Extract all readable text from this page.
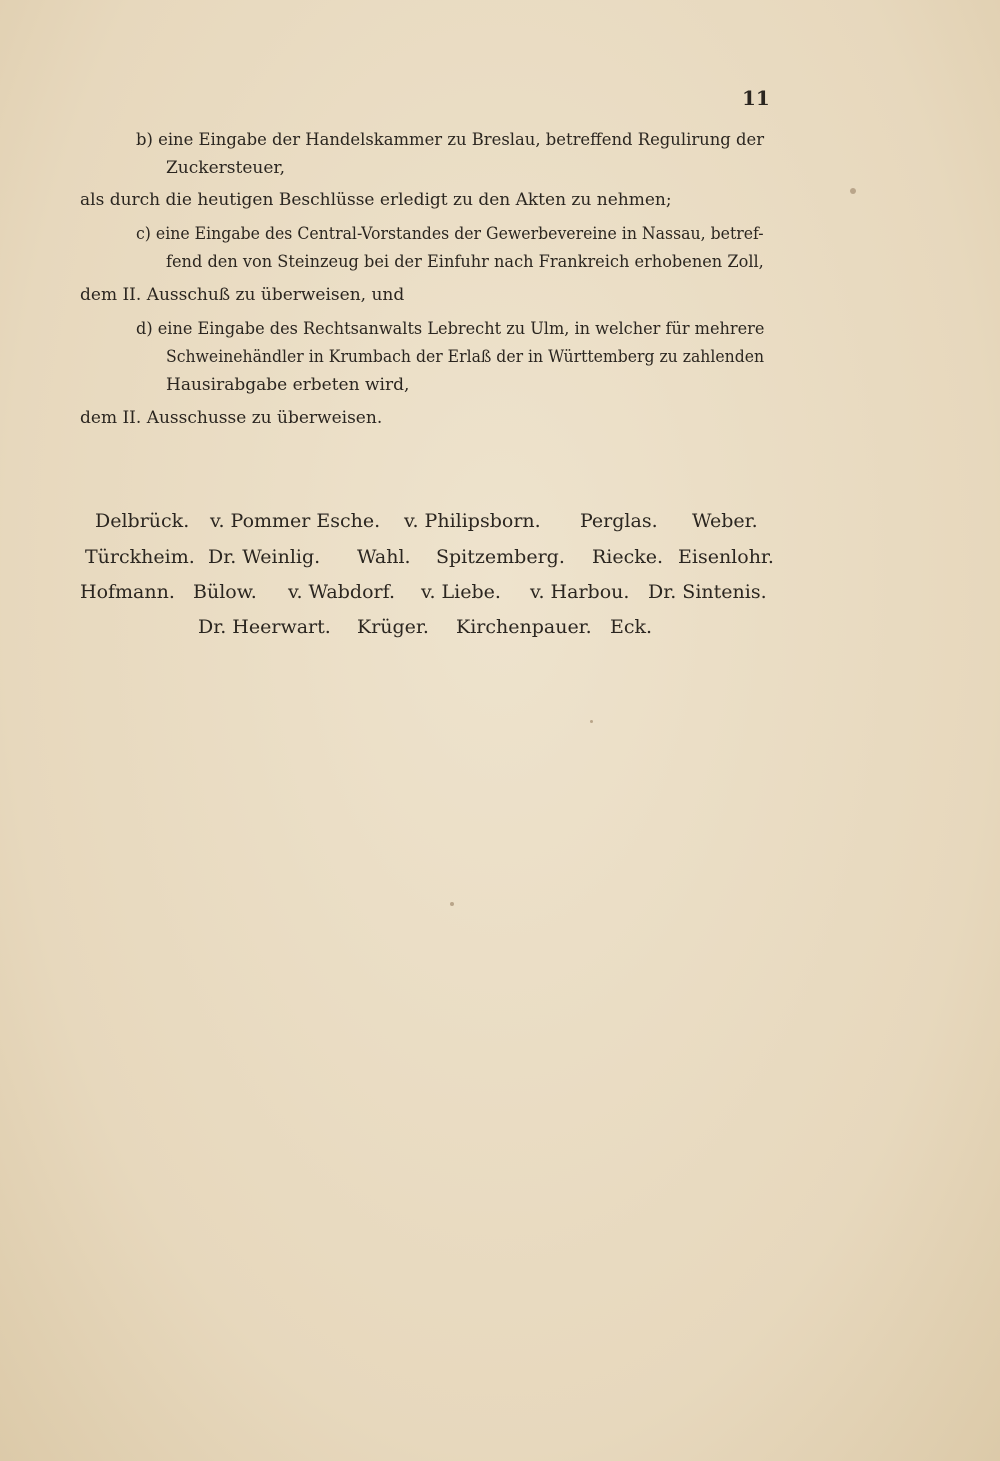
11
b) eine Eingabe der Handelskammer zu Breslau, betreffend Regulirung der
Zuckersteuer,
als durch die heutigen Beschlüsse erledigt zu den Akten zu nehmen;
c) eine Eingabe des Central-Vorstandes der Gewerbevereine in Nassau, betref-
fend den von Steinzeug bei der Einfuhr nach Frankreich erhobenen Zoll,
dem II. Ausschuß zu überweisen, und
d) eine Eingabe des Rechtsanwalts Lebrecht zu Ulm, in welcher für mehrere
Schweinehändler in Krumbach der Erlaß der in Württemberg zu zahlenden
Hausirabgabe erbeten wird,
dem II. Ausschusse zu überweisen.
Delbrück. v. Pommer Esche. v. Philipsborn. Perglas. Weber.
Türckheim. Dr. Weinlig. Wahl. Spitzemberg. Riecke. Eisenlohr.
Hofmann. Bülow. v. Wabdorf. v. Liebe. v. Harbou. Dr. Sintenis.
Dr. Heerwart. Krüger. Kirchenpauer. Eck.
